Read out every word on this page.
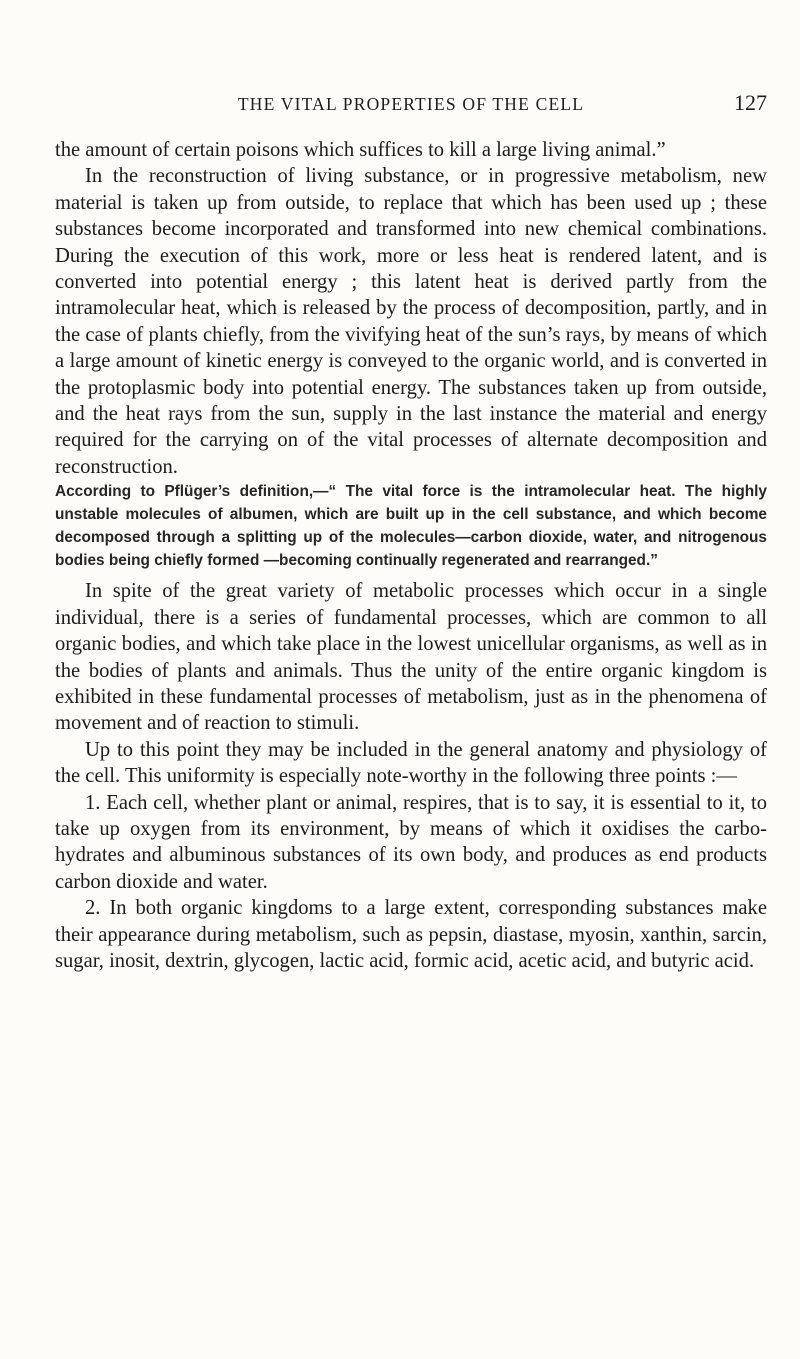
THE VITAL PROPERTIES OF THE CELL	127

the amount of certain poisons which suffices to kill a large living animal.”

In the reconstruction of living substance, or in progressive metabolism, new material is taken up from outside, to replace that which has been used up ; these substances become incorporated and transformed into new chemical combinations. During the execution of this work, more or less heat is rendered latent, and is converted into potential energy ; this latent heat is derived partly from the intramolecular heat, which is released by the process of decomposition, partly, and in the case of plants chiefly, from the vivifying heat of the sun’s rays, by means of which a large amount of kinetic energy is conveyed to the organic world, and is converted in the protoplasmic body into potential energy. The substances taken up from outside, and the heat rays from the sun, supply in the last instance the material and energy required for the carrying on of the vital processes of alternate decomposition and reconstruction.

According to Pflüger’s definition,—“ The vital force is the intramolecular heat. The highly unstable molecules of albumen, which are built up in the cell substance, and which become decomposed through a splitting up of the molecules—carbon dioxide, water, and nitrogenous bodies being chiefly formed —becoming continually regenerated and rearranged.”

In spite of the great variety of metabolic processes which occur in a single individual, there is a series of fundamental processes, which are common to all organic bodies, and which take place in the lowest unicellular organisms, as well as in the bodies of plants and animals. Thus the unity of the entire organic kingdom is exhibited in these fundamental processes of metabolism, just as in the phenomena of movement and of reaction to stimuli.

Up to this point they may be included in the general anatomy and physiology of the cell. This uniformity is especially note-worthy in the following three points :—

1. Each cell, whether plant or animal, respires, that is to say, it is essential to it, to take up oxygen from its environment, by means of which it oxidises the carbo-hydrates and albuminous substances of its own body, and produces as end products carbon dioxide and water.

2. In both organic kingdoms to a large extent, corresponding substances make their appearance during metabolism, such as pepsin, diastase, myosin, xanthin, sarcin, sugar, inosit, dextrin, glycogen, lactic acid, formic acid, acetic acid, and butyric acid.
